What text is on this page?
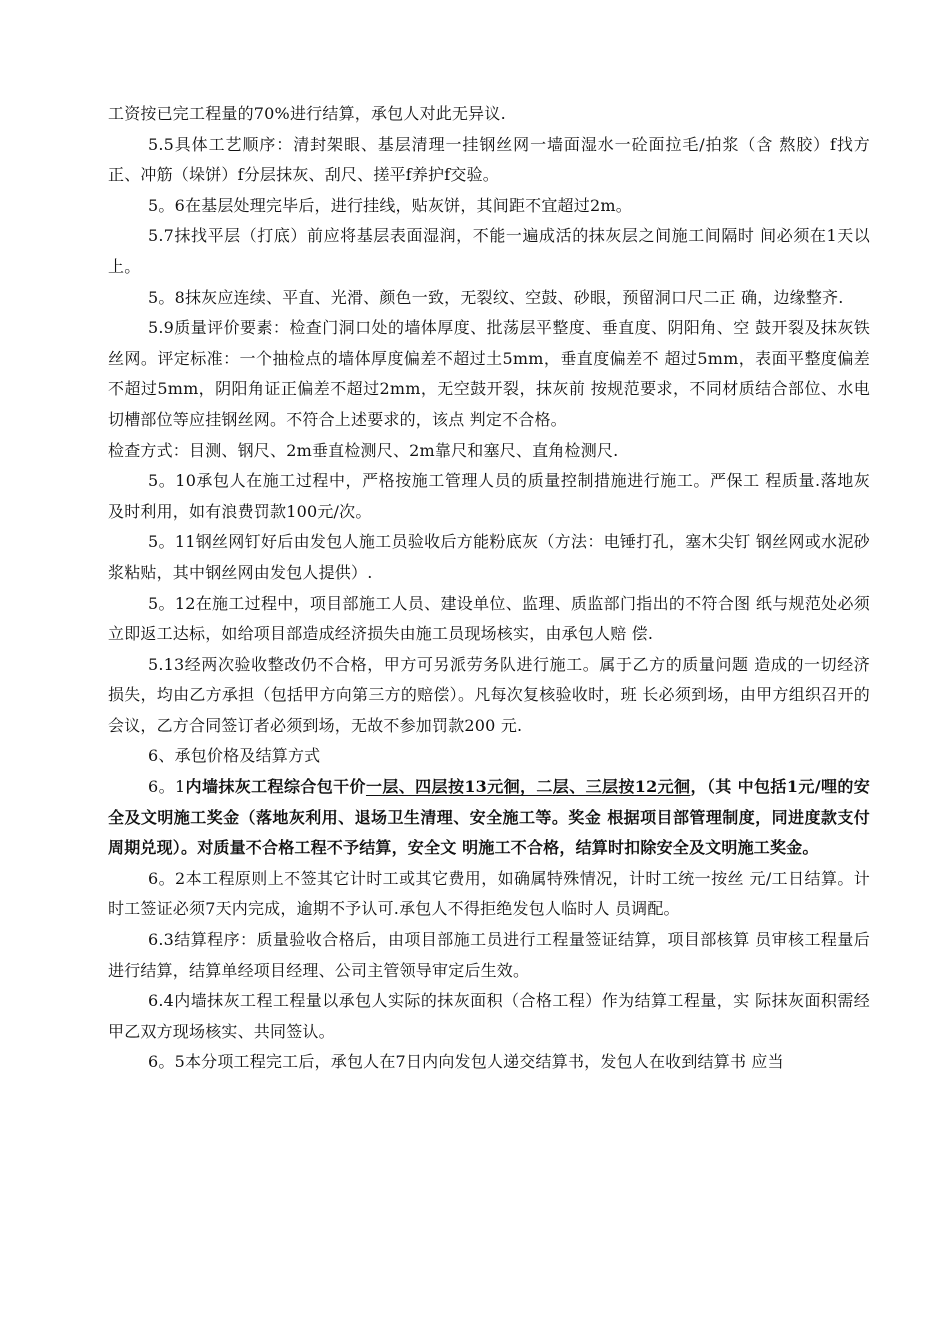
工资按已完工程量的70%进行结算，承包人对此无异议.

5.5具体工艺顺序：清封架眼、基层清理一挂钢丝网一墙面湿水一砼面拉毛/拍浆（含 熬胶）f找方正、冲筋（垛饼）f分层抹灰、刮尺、搓平f养护f交验。

5。6在基层处理完毕后，进行挂线，贴灰饼，其间距不宜超过2m。

5.7抹找平层（打底）前应将基层表面湿润，不能一遍成活的抹灰层之间施工间隔时 间必须在1天以上。

5。8抹灰应连续、平直、光滑、颜色一致，无裂纹、空鼓、砂眼，预留洞口尺二正 确，边缘整齐.

5.9质量评价要素：检查门洞口处的墙体厚度、批荡层平整度、垂直度、阴阳角、空 鼓开裂及抹灰铁丝网。评定标准：一个抽检点的墙体厚度偏差不超过土5mm，垂直度偏差不 超过5mm，表面平整度偏差不超过5mm，阴阳角证正偏差不超过2mm，无空鼓开裂，抹灰前 按规范要求，不同材质结合部位、水电切槽部位等应挂钢丝网。不符合上述要求的，该点 判定不合格。

检查方式：目测、钢尺、2m垂直检测尺、2m靠尺和塞尺、直角检测尺.

5。10承包人在施工过程中，严格按施工管理人员的质量控制措施进行施工。严保工 程质量.落地灰及时利用，如有浪费罚款100元/次。

5。11钢丝网钉好后由发包人施工员验收后方能粉底灰（方法：电锤打孔，塞木尖钉 钢丝网或水泥砂浆粘贴，其中钢丝网由发包人提供）.

5。12在施工过程中，项目部施工人员、建设单位、监理、质监部门指出的不符合图 纸与规范处必须立即返工达标，如给项目部造成经济损失由施工员现场核实，由承包人赔 偿.

5.13经两次验收整改仍不合格，甲方可另派劳务队进行施工。属于乙方的质量问题 造成的一切经济损失，均由乙方承担（包括甲方向第三方的赔偿）。凡每次复核验收时，班 长必须到场，由甲方组织召开的会议，乙方合同签订者必须到场，无故不参加罚款200 元.

6、承包价格及结算方式

6。1内墙抹灰工程综合包干价一层、四层按13元徊，二层、三层按12元徊，（其 中包括1元/哩的安全及文明施工奖金（落地灰利用、退场卫生清理、安全施工等。奖金 根据项目部管理制度，同进度款支付周期兑现）。对质量不合格工程不予结算，安全文 明施工不合格，结算时扣除安全及文明施工奖金。

6。2本工程原则上不签其它计时工或其它费用，如确属特殊情况，计时工统一按丝 元/工日结算。计时工签证必须7天内完成，逾期不予认可.承包人不得拒绝发包人临时人 员调配。

6.3结算程序：质量验收合格后，由项目部施工员进行工程量签证结算，项目部核算 员审核工程量后进行结算，结算单经项目经理、公司主管领导审定后生效。

6.4内墙抹灰工程工程量以承包人实际的抹灰面积（合格工程）作为结算工程量，实 际抹灰面积需经甲乙双方现场核实、共同签认。

6。5本分项工程完工后，承包人在7日内向发包人递交结算书，发包人在收到结算书 应当
